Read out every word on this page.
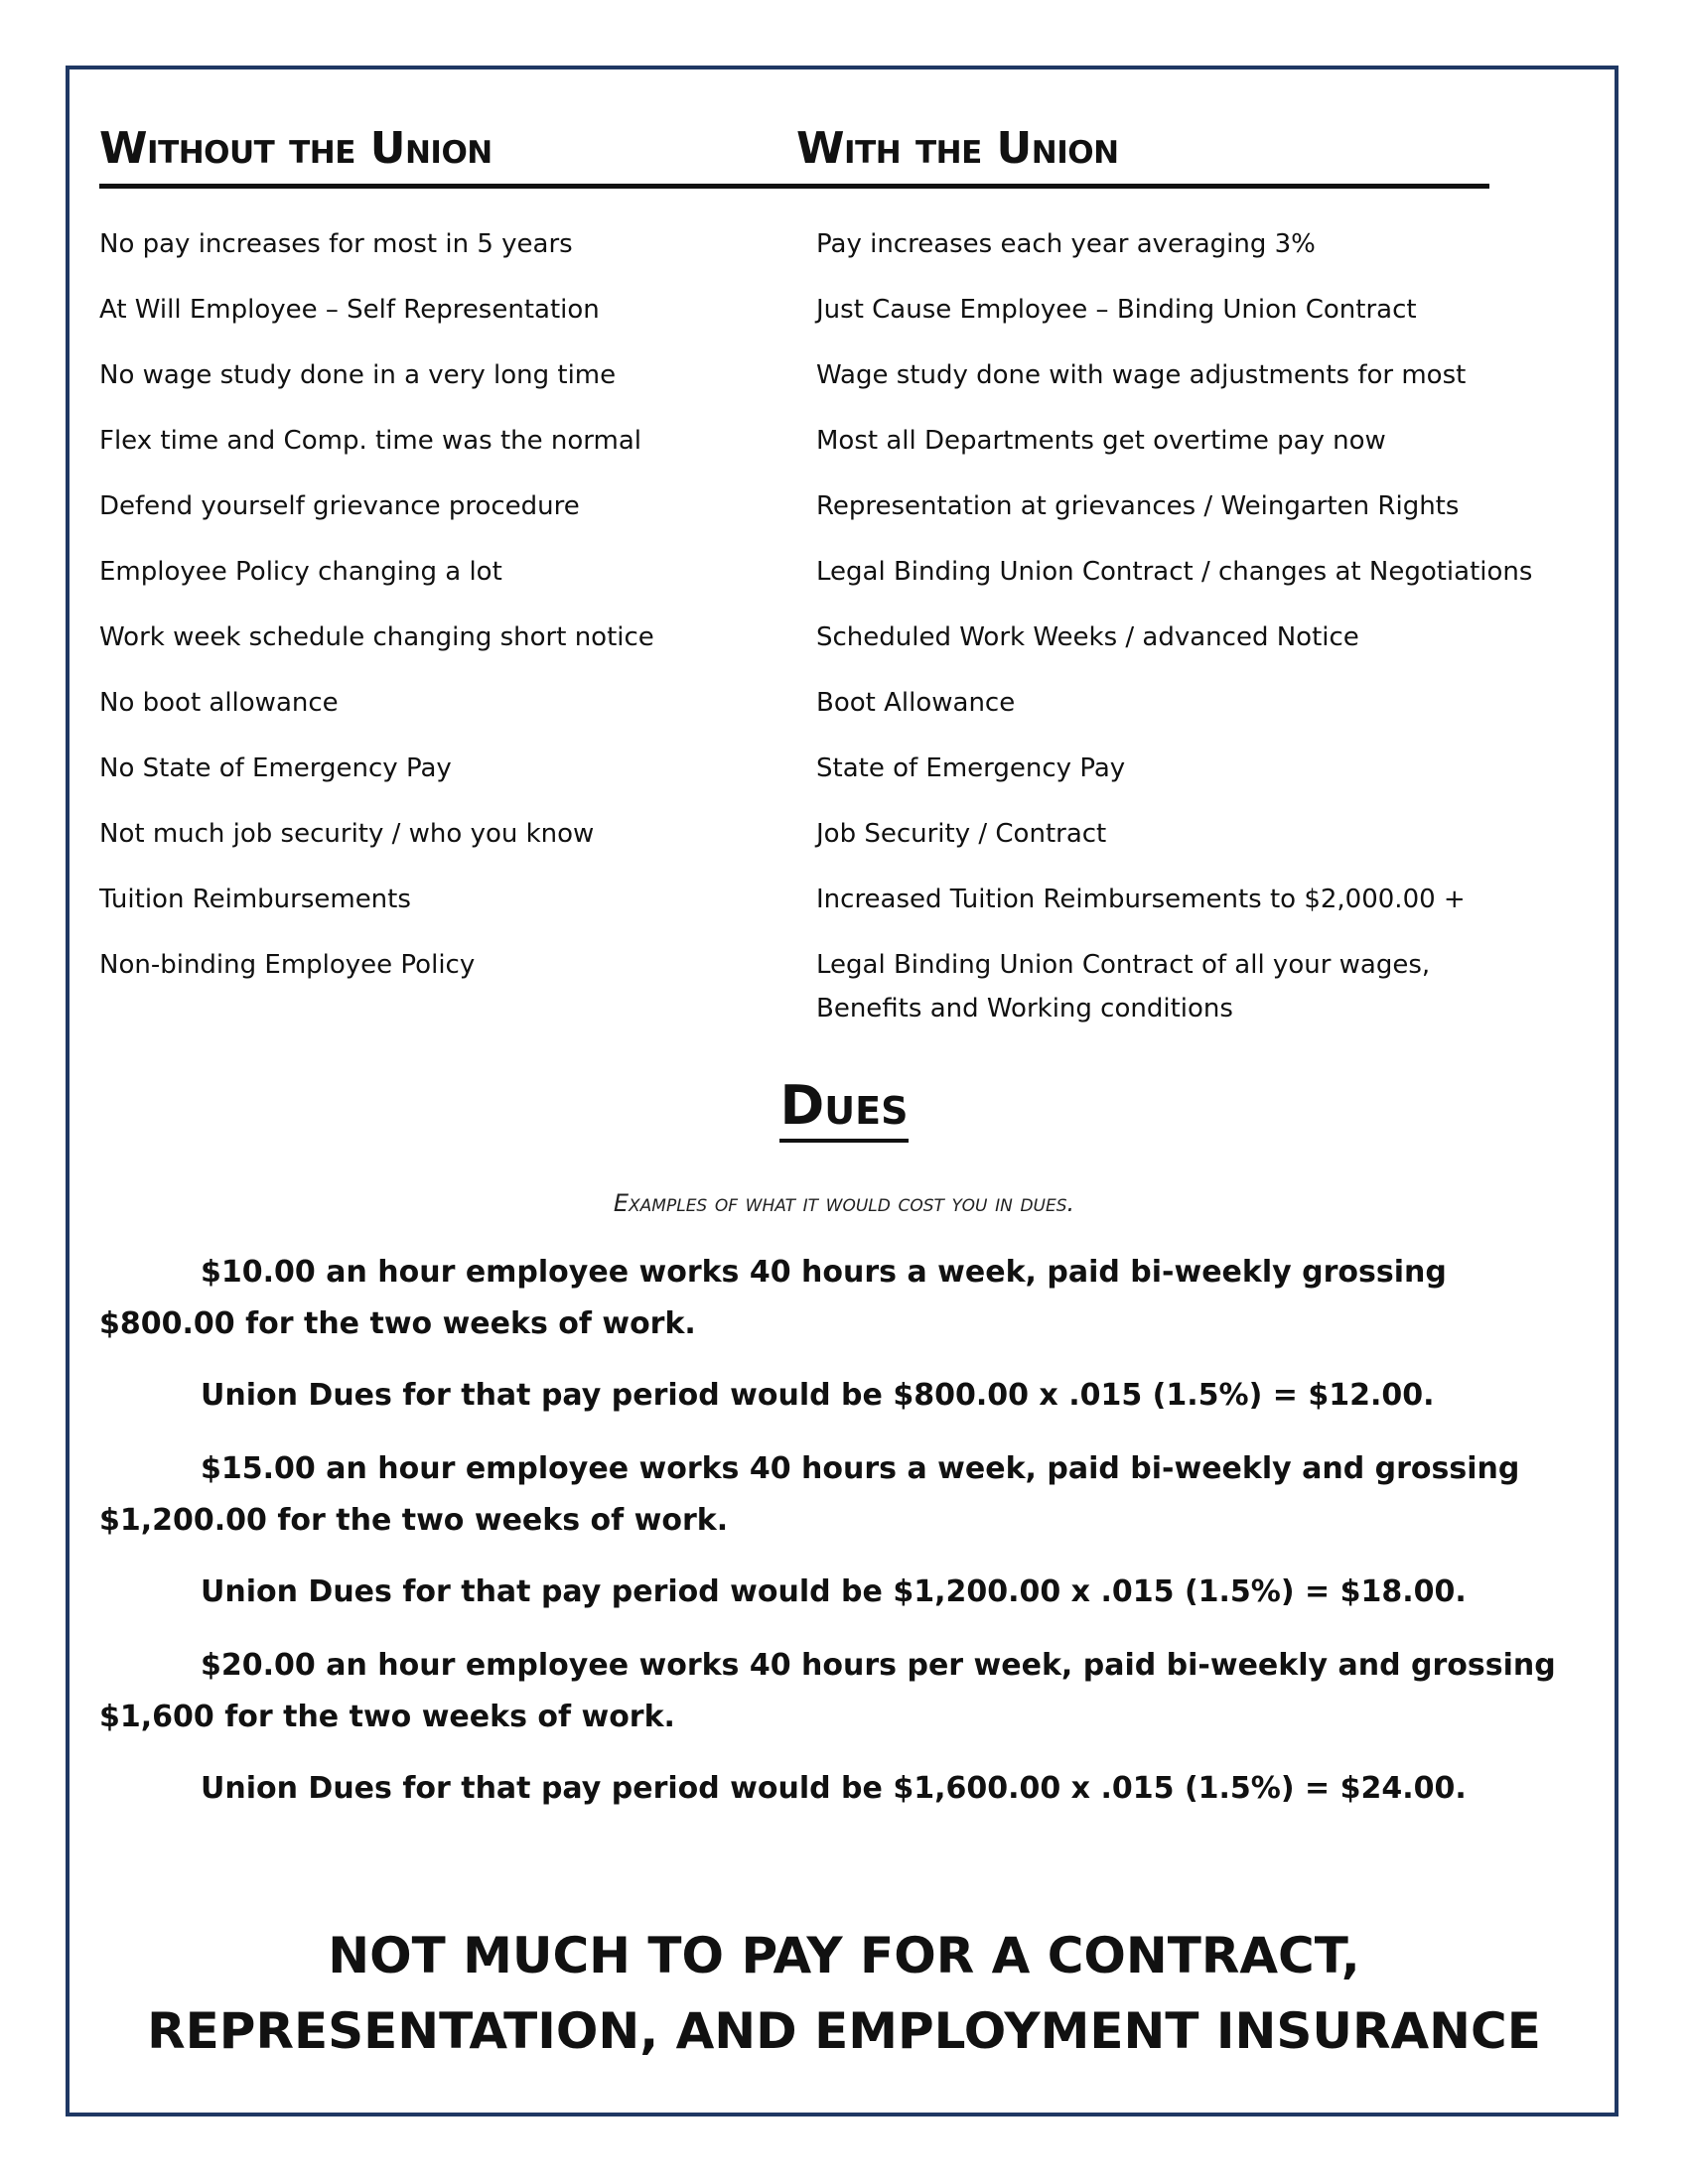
Without the Union	With the Union
No pay increases for most in 5 years
At Will Employee – Self Representation
No wage study done in a very long time
Flex time and Comp. time was the normal
Defend yourself grievance procedure
Employee Policy changing a lot
Work week schedule changing short notice
No boot allowance
No State of Emergency Pay
Not much job security / who you know
Tuition Reimbursements
Non-binding Employee Policy
Pay increases each year averaging 3%
Just Cause Employee – Binding Union Contract
Wage study done with wage adjustments for most
Most all Departments get overtime pay now
Representation at grievances / Weingarten Rights
Legal Binding Union Contract / changes at Negotiations
Scheduled Work Weeks / advanced Notice
Boot Allowance
State of Emergency Pay
Job Security / Contract
Increased Tuition Reimbursements to $2,000.00 +
Legal Binding Union Contract of all your wages, Benefits and Working conditions
Dues
Examples of what it would cost you in dues.

$10.00 an hour employee works 40 hours a week, paid bi-weekly grossing $800.00 for the two weeks of work.

Union Dues for that pay period would be $800.00 x .015 (1.5%) = $12.00.

$15.00 an hour employee works 40 hours a week, paid bi-weekly and grossing $1,200.00 for the two weeks of work.

Union Dues for that pay period would be $1,200.00 x .015 (1.5%) = $18.00.

$20.00 an hour employee works 40 hours per week, paid bi-weekly and grossing $1,600 for the two weeks of work.

Union Dues for that pay period would be $1,600.00 x .015 (1.5%) = $24.00.

NOT MUCH TO PAY FOR A CONTRACT,
REPRESENTATION, AND EMPLOYMENT INSURANCE
